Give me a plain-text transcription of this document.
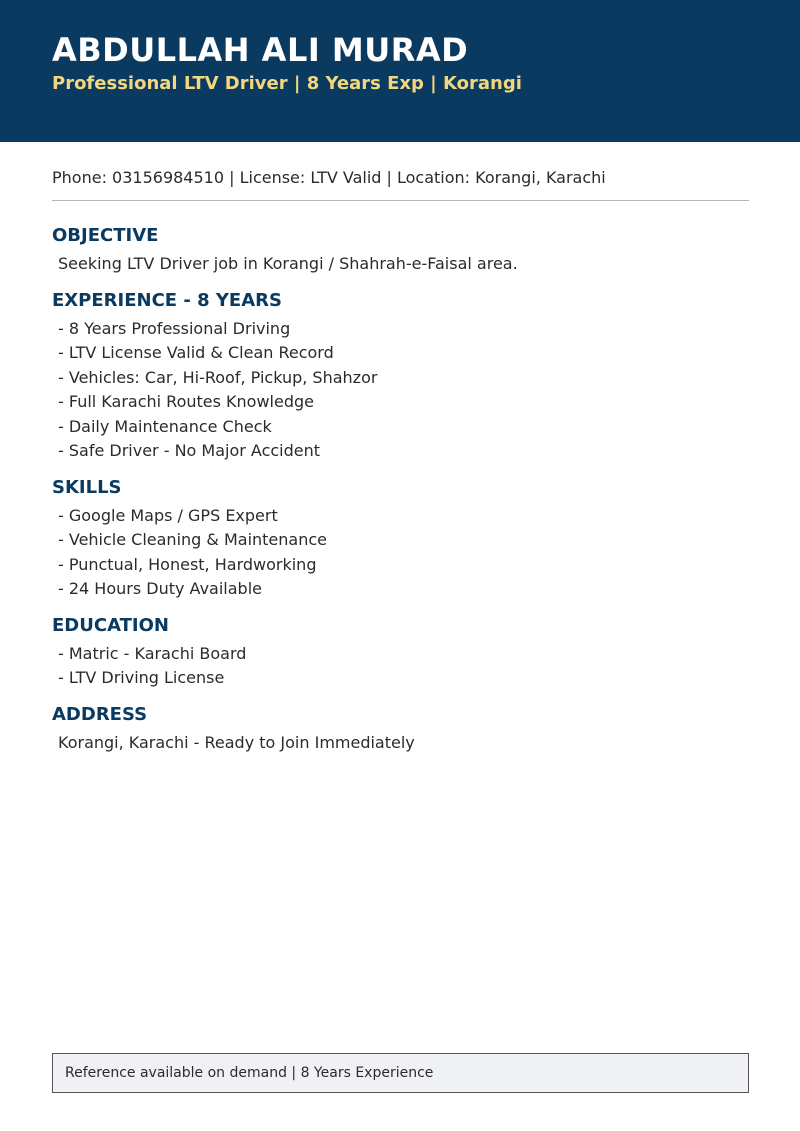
ABDULLAH ALI MURAD
Professional LTV Driver | 8 Years Exp | Korangi
Phone: 03156984510 | License: LTV Valid | Location: Korangi, Karachi
OBJECTIVE
Seeking LTV Driver job in Korangi / Shahrah-e-Faisal area.
EXPERIENCE - 8 YEARS
- 8 Years Professional Driving
- LTV License Valid & Clean Record
- Vehicles: Car, Hi-Roof, Pickup, Shahzor
- Full Karachi Routes Knowledge
- Daily Maintenance Check
- Safe Driver - No Major Accident
SKILLS
- Google Maps / GPS Expert
- Vehicle Cleaning & Maintenance
- Punctual, Honest, Hardworking
- 24 Hours Duty Available
EDUCATION
- Matric - Karachi Board
- LTV Driving License
ADDRESS
Korangi, Karachi - Ready to Join Immediately
Reference available on demand | 8 Years Experience
